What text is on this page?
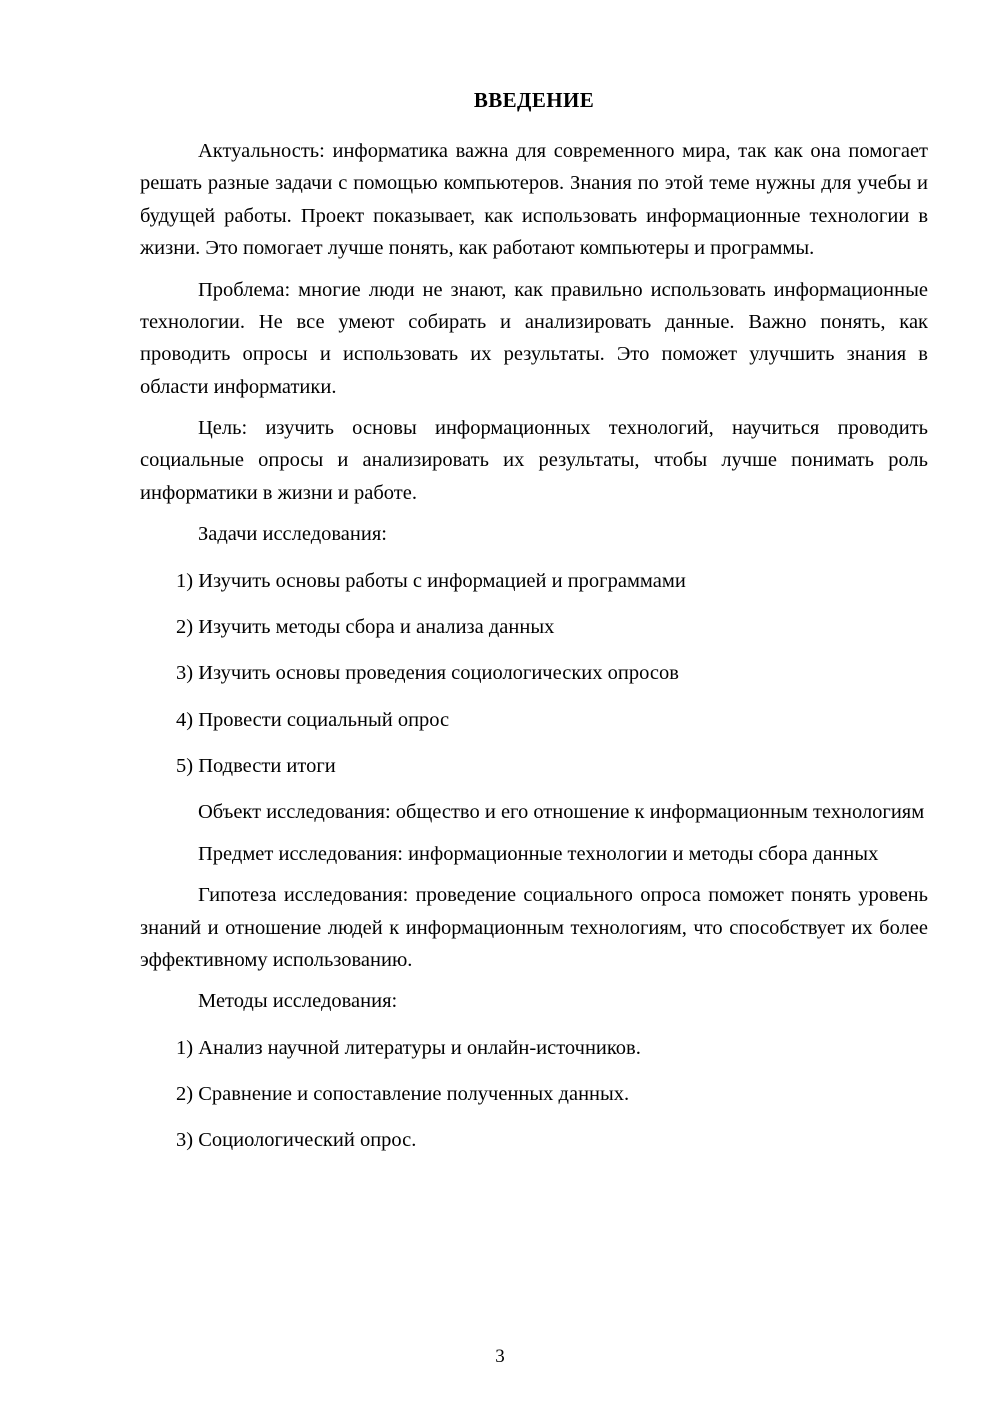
ВВЕДЕНИЕ

Актуальность: информатика важна для современного мира, так как она помогает решать разные задачи с помощью компьютеров. Знания по этой теме нужны для учебы и будущей работы. Проект показывает, как использовать информационные технологии в жизни. Это помогает лучше понять, как работают компьютеры и программы.

Проблема: многие люди не знают, как правильно использовать информационные технологии. Не все умеют собирать и анализировать данные. Важно понять, как проводить опросы и использовать их результаты. Это поможет улучшить знания в области информатики.

Цель: изучить основы информационных технологий, научиться проводить социальные опросы и анализировать их результаты, чтобы лучше понимать роль информатики в жизни и работе.

Задачи исследования:

1) Изучить основы работы с информацией и программами

2) Изучить методы сбора и анализа данных

3) Изучить основы проведения социологических опросов

4) Провести социальный опрос

5) Подвести итоги

Объект исследования: общество и его отношение к информационным технологиям

Предмет исследования: информационные технологии и методы сбора данных

Гипотеза исследования: проведение социального опроса поможет понять уровень знаний и отношение людей к информационным технологиям, что способствует их более эффективному использованию.

Методы исследования:

1) Анализ научной литературы и онлайн-источников.

2) Сравнение и сопоставление полученных данных.

3) Социологический опрос.

3
